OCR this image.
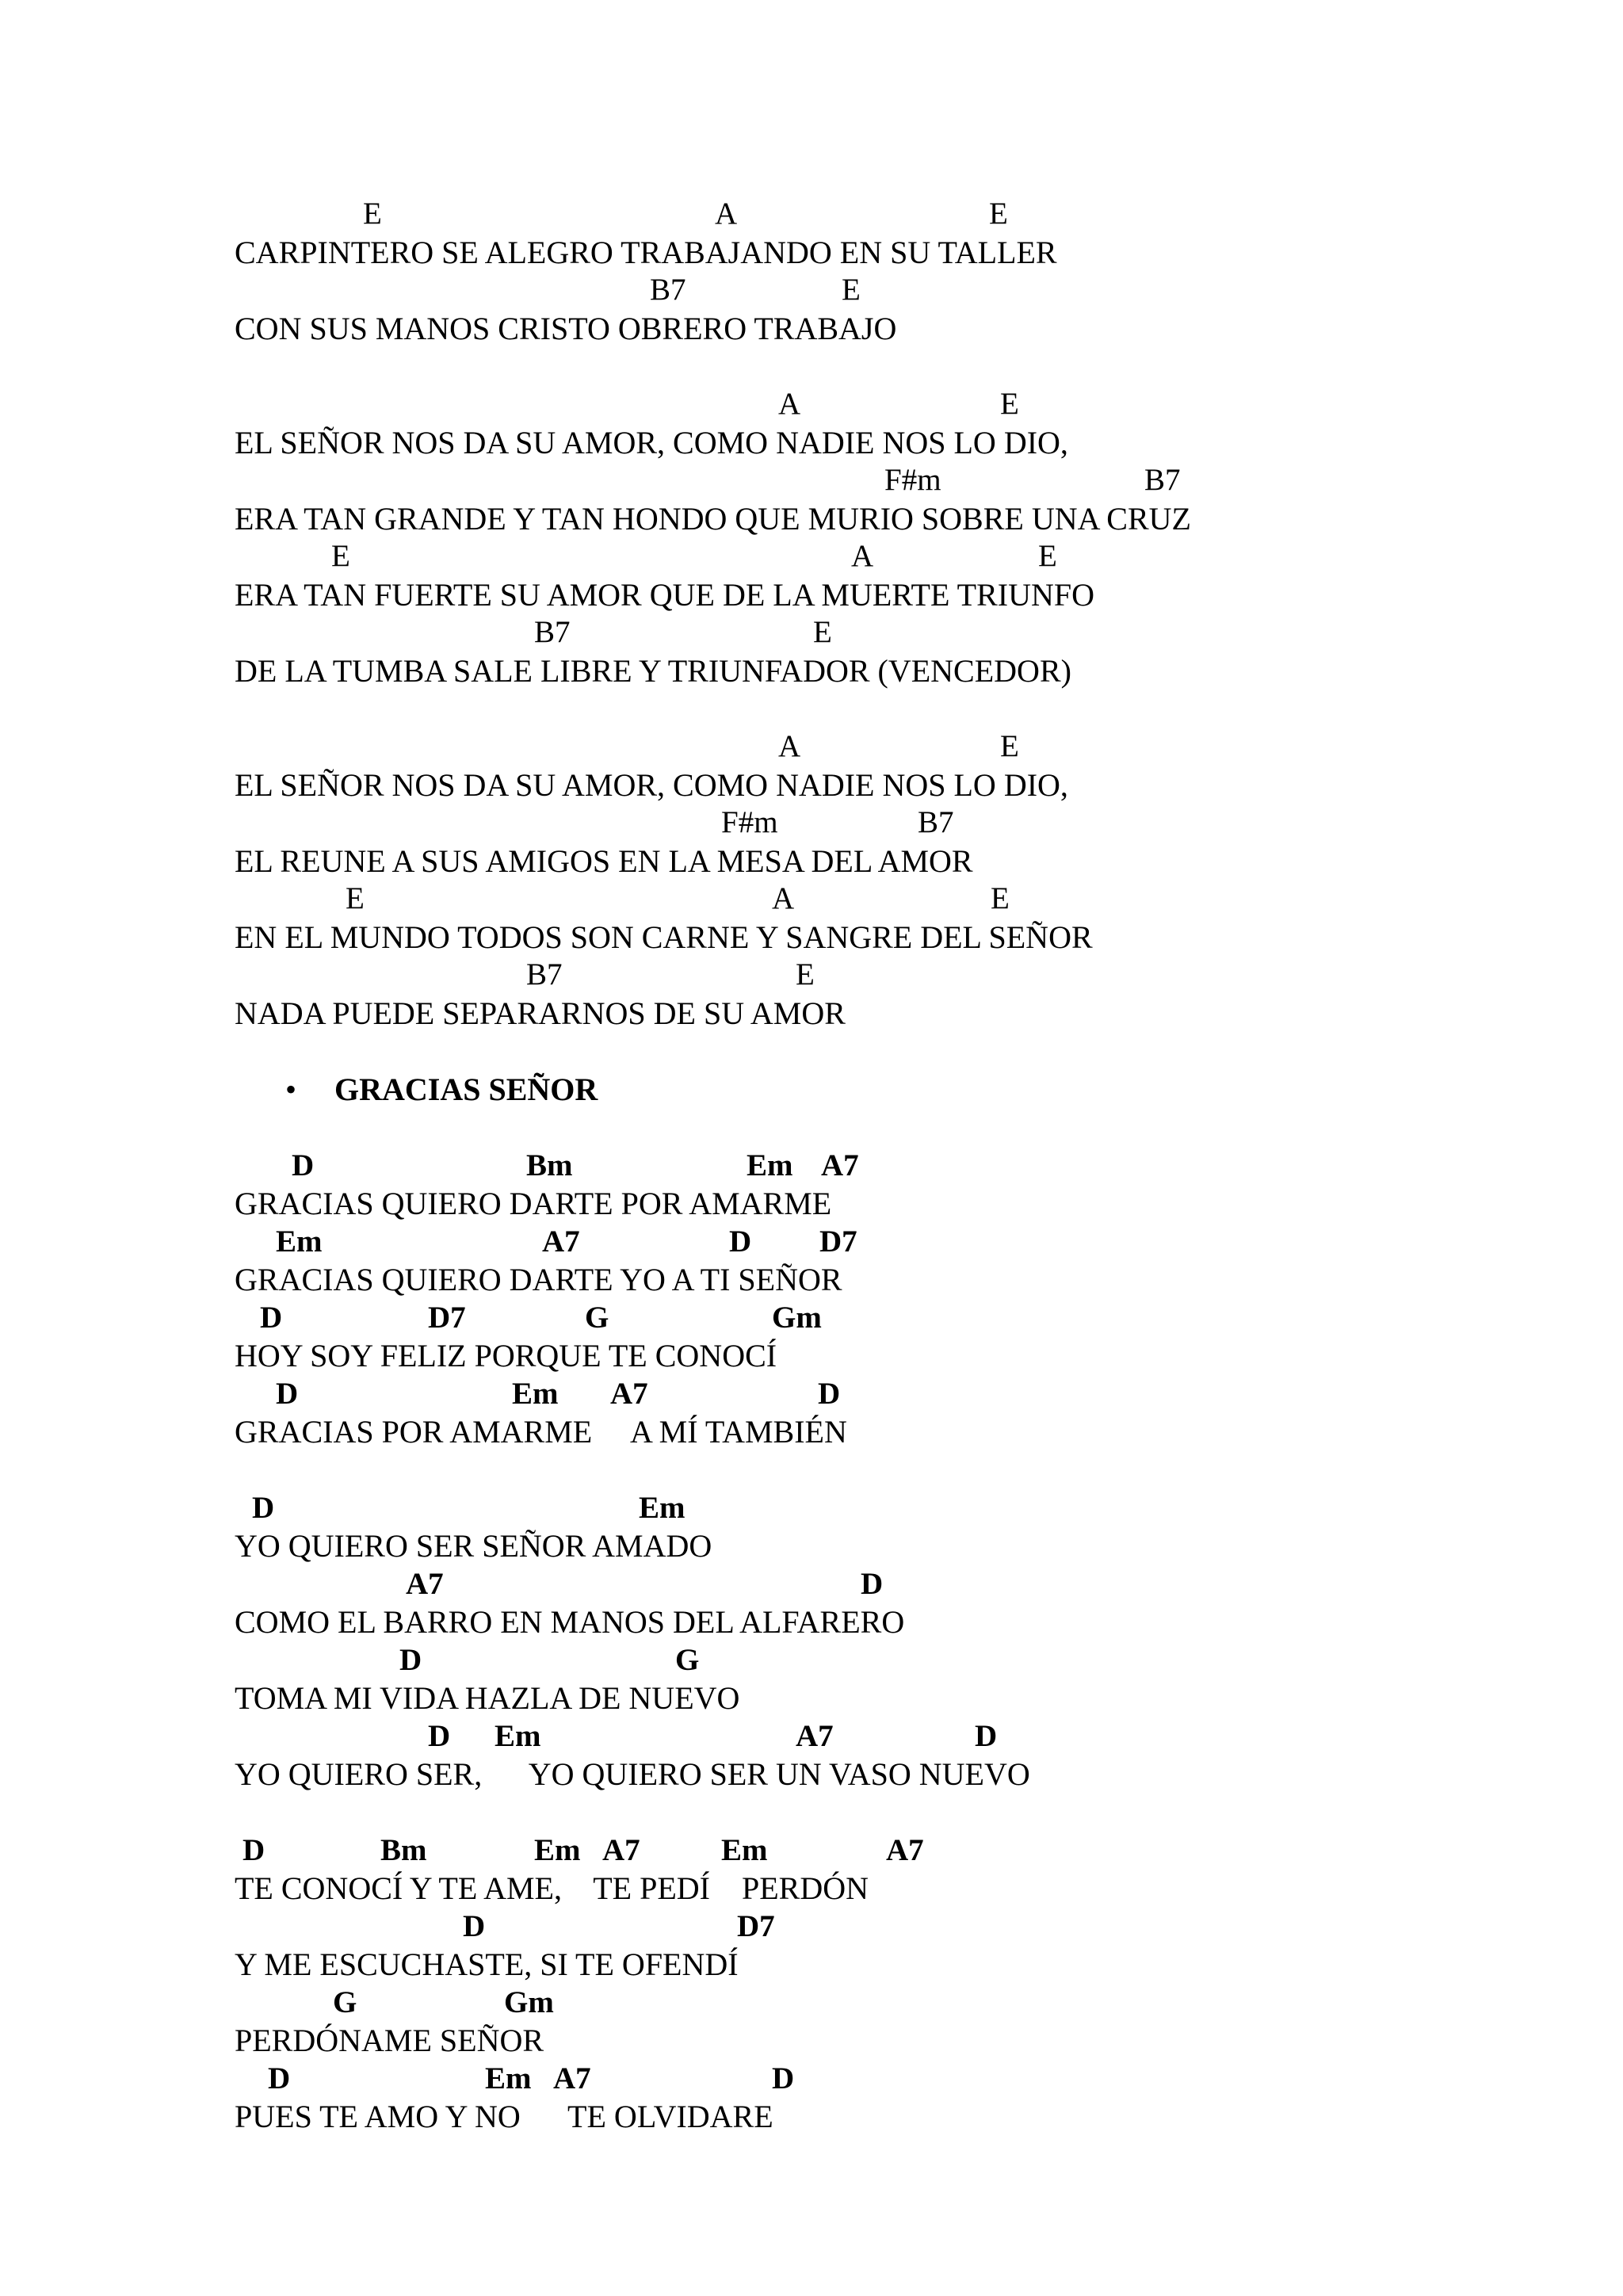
E	A	E
CARPINTERO SE ALEGRO TRABAJANDO EN SU TALLER
B7	E
CON SUS MANOS CRISTO OBRERO TRABAJO
A	E
EL SEÑOR NOS DA SU AMOR, COMO NADIE NOS LO DIO,
F#m	B7
ERA TAN GRANDE Y TAN HONDO QUE MURIO SOBRE UNA CRUZ
E	A	E
ERA TAN FUERTE SU AMOR QUE DE LA MUERTE TRIUNFO
B7	E
DE LA TUMBA SALE LIBRE Y TRIUNFADOR (VENCEDOR)
A	E
EL SEÑOR NOS DA SU AMOR, COMO NADIE NOS LO DIO,
F#m	B7
EL REUNE A SUS AMIGOS EN LA MESA DEL AMOR
E	A	E
EN EL MUNDO TODOS SON CARNE Y SANGRE DEL SEÑOR
B7	E
NADA PUEDE SEPARARNOS DE SU AMOR
• GRACIAS SEÑOR
D	Bm	Em A7
GRACIAS QUIERO DARTE POR AMARME
Em	A7	D D7
GRACIAS QUIERO DARTE YO A TI SEÑOR
D	D7	G	Gm
HOY SOY FELIZ PORQUE TE CONOCÍ
D	Em A7	D
GRACIAS POR AMARME     A MÍ TAMBIÉN
D	Em
YO QUIERO SER SEÑOR AMADO
A7	D
COMO EL BARRO EN MANOS DEL ALFARERO
D	G
TOMA MI VIDA HAZLA DE NUEVO
D Em	A7	D
YO QUIERO SER,      YO QUIERO SER UN VASO NUEVO
D	Bm	Em A7	Em	A7
TE CONOCÍ Y TE AME,    TE PEDÍ    PERDÓN
D	D7
Y ME ESCUCHASTE, SI TE OFENDÍ
G	Gm
PERDÓNAME SEÑOR
D	Em A7	D
PUES TE AMO Y NO      TE OLVIDARE
